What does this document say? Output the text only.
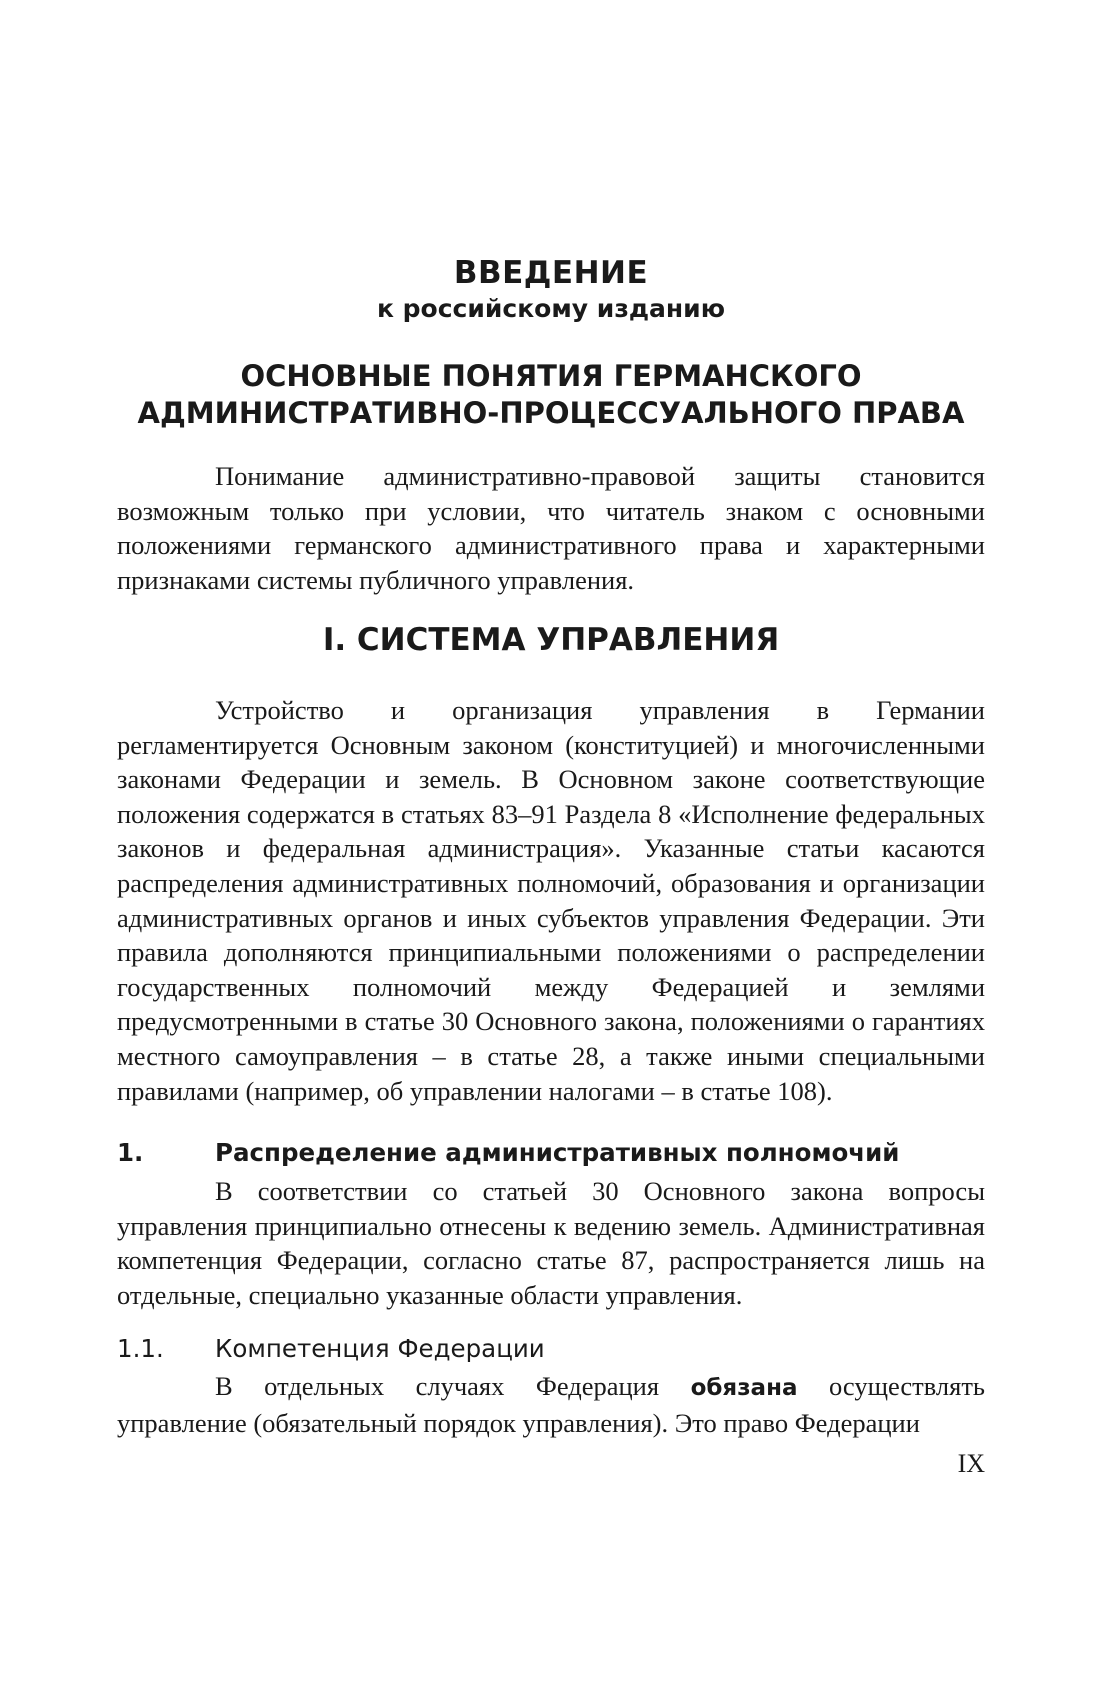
ВВЕДЕНИЕ
к российскому изданию
ОСНОВНЫЕ ПОНЯТИЯ ГЕРМАНСКОГО
АДМИНИСТРАТИВНО-ПРОЦЕССУАЛЬНОГО ПРАВА

Понимание административно-правовой защиты становится возможным только при условии, что читатель знаком с основными положениями германского административного права и характерными признаками системы публичного управления.

I. СИСТЕМА УПРАВЛЕНИЯ

Устройство и организация управления в Германии регламентируется Основным законом (конституцией) и многочисленными законами Федерации и земель. В Основном законе соответствующие положения содержатся в статьях 83–91 Раздела 8 «Исполнение федеральных законов и федеральная администрация». Указанные статьи касаются распределения административных полномочий, образования и организации административных органов и иных субъектов управления Федерации. Эти правила дополняются принципиальными положениями о распределении государственных полномочий между Федерацией и землями предусмотренными в статье 30 Основного закона, положениями о гарантиях местного самоуправления – в статье 28, а также иными специальными правилами (например, об управлении налогами – в статье 108).

1.	Распределение административных полномочий

В соответствии со статьей 30 Основного закона вопросы управления принципиально отнесены к ведению земель. Административная компетенция Федерации, согласно статье 87, распространяется лишь на отдельные, специально указанные области управления.

1.1. Компетенция Федерации

В отдельных случаях Федерация обязана осуществлять управление (обязательный порядок управления). Это право Федерации

IX
